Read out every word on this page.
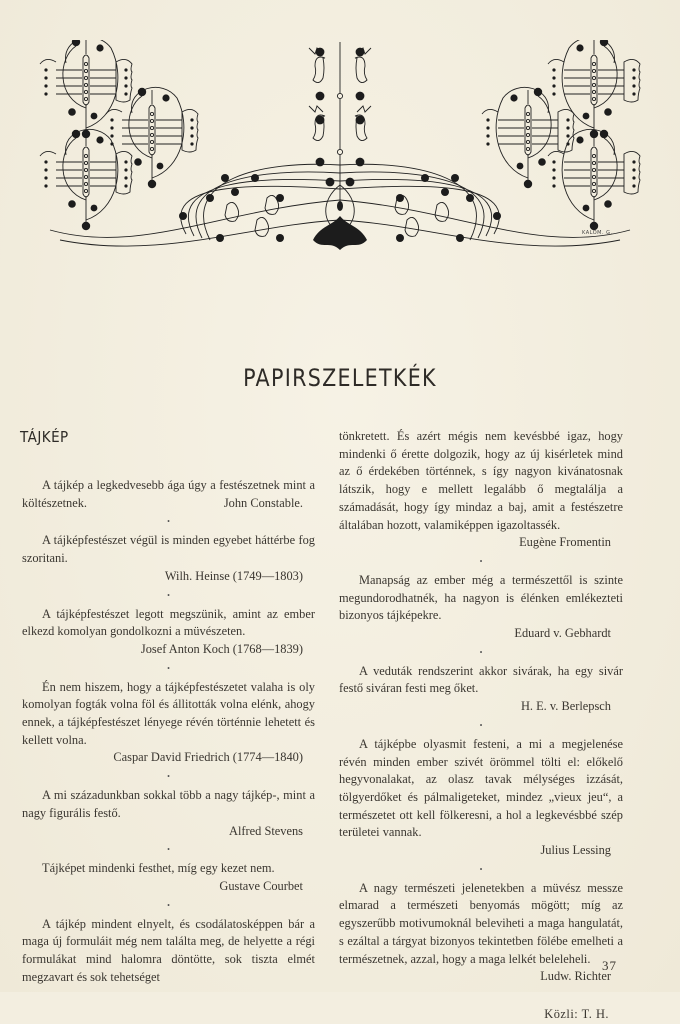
KALOM. G.
PAPIRSZELETKÉK
TÁJKÉP

A tájkép a legkedvesebb ága úgy a festészetnek mint a költészetnek.	John Constable.

•

A tájképfestészet végül is minden egyebet háttérbe fog szoritani.

Wilh. Heinse (1749—1803)
•

A tájképfestészet legott megszünik, amint az ember elkezd komolyan gondolkozni a müvészeten.

Josef Anton Koch (1768—1839)
•

Én nem hiszem, hogy a tájképfestészetet valaha is oly komolyan fogták volna föl és állitották volna elénk, ahogy ennek, a tájképfestészet lényege révén történnie lehetett és kellett volna.

Caspar David Friedrich (1774—1840)
•

A mi századunkban sokkal több a nagy tájkép-, mint a nagy figurális festő.

Alfred Stevens
•

Tájképet mindenki festhet, míg egy kezet nem.

Gustave Courbet
•

A tájkép mindent elnyelt, és csodálatosképpen bár a maga új formuláit még nem találta meg, de helyette a régi formulákat mind halomra döntötte, sok tiszta elmét megzavart és sok tehetséget

tönkretett. És azért mégis nem kevésbbé igaz, hogy mindenki ő érette dolgozik, hogy az új kisérletek mind az ő érdekében történnek, s így nagyon kivánatosnak látszik, hogy e mellett legalább ő megtalálja a számadását, hogy így mindaz a baj, amit a festészetre általában hozott, valamiképpen igazoltassék.
Eugène Fromentin

•

Manapság az ember még a természettől is szinte megundorodhatnék, ha nagyon is élénken emlékezteti bizonyos tájképekre.

Eduard v. Gebhardt
•

A veduták rendszerint akkor sivárak, ha egy sivár festő siváran festi meg őket.

H. E. v. Berlepsch
•

A tájképbe olyasmit festeni, a mi a megjelenése révén minden ember szivét örömmel tölti el: előkelő hegyvonalakat, az olasz tavak mélységes izzását, tölgyerdőket és pálmaligeteket, mindez „vieux jeu“, a természetet ott kell fölkeresni, a hol a legkevésbbé szép területei vannak.

Julius Lessing
•

A nagy természeti jelenetekben a müvész messze elmarad a természeti benyomás mögött; míg az egyszerűbb motivumoknál beleviheti a maga hangulatát, s ezáltal a tárgyat bizonyos tekintetben fölébe emelheti a természetnek, azzal, hogy a maga lelkét beleleheli.
Ludw. Richter

Közli: T. H.
37
